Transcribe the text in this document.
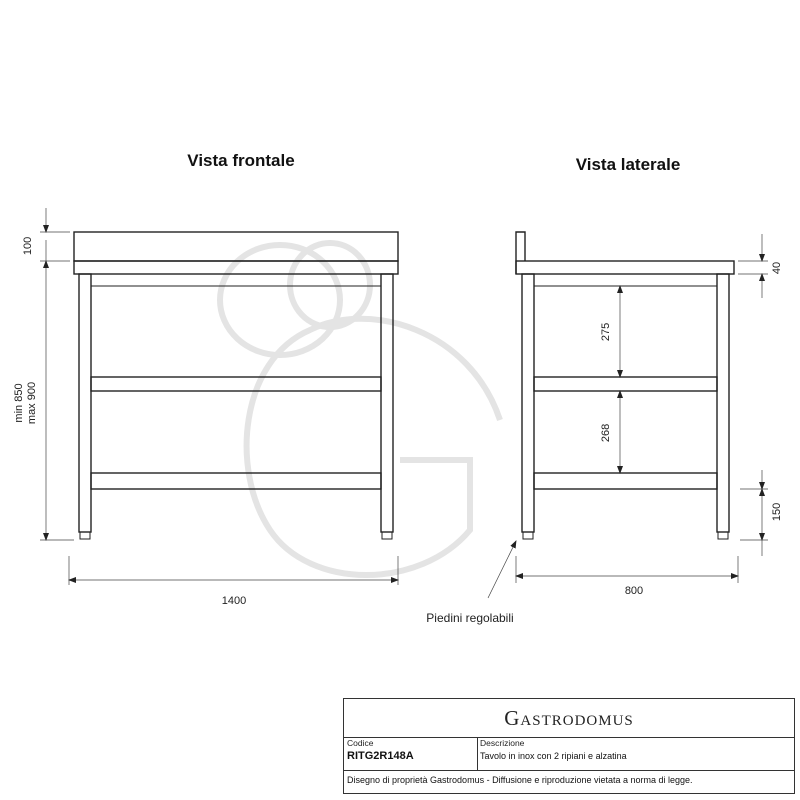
Vista frontale	Vista laterale
100
min 850 max 900
1400
275
268
40
150
800
Piedini regolabili
GASTRODOMUS
Codice
RITG2R148A
Descrizione
Tavolo in inox con 2 ripiani e alzatina
Disegno di proprietà Gastrodomus - Diffusione e riproduzione vietata a norma di legge.
